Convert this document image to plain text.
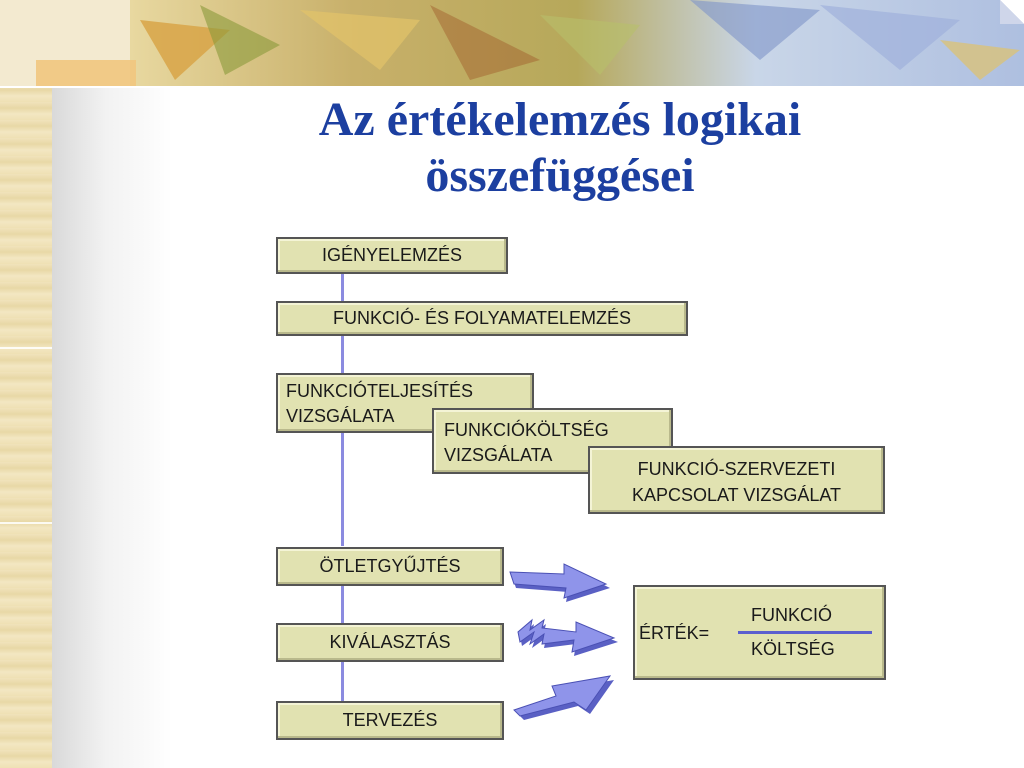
Az értékelemzés logikai
összefüggései
IGÉNYELEMZÉS
FUNKCIÓ- ÉS FOLYAMATELEMZÉS
FUNKCIÓTELJESÍTÉS
VIZSGÁLATA
FUNKCIÓKÖLTSÉG
VIZSGÁLATA
FUNKCIÓ-SZERVEZETI
KAPCSOLAT VIZSGÁLAT
ÖTLETGYŰJTÉS
KIVÁLASZTÁS
TERVEZÉS
ÉRTÉK=
FUNKCIÓ
KÖLTSÉG
